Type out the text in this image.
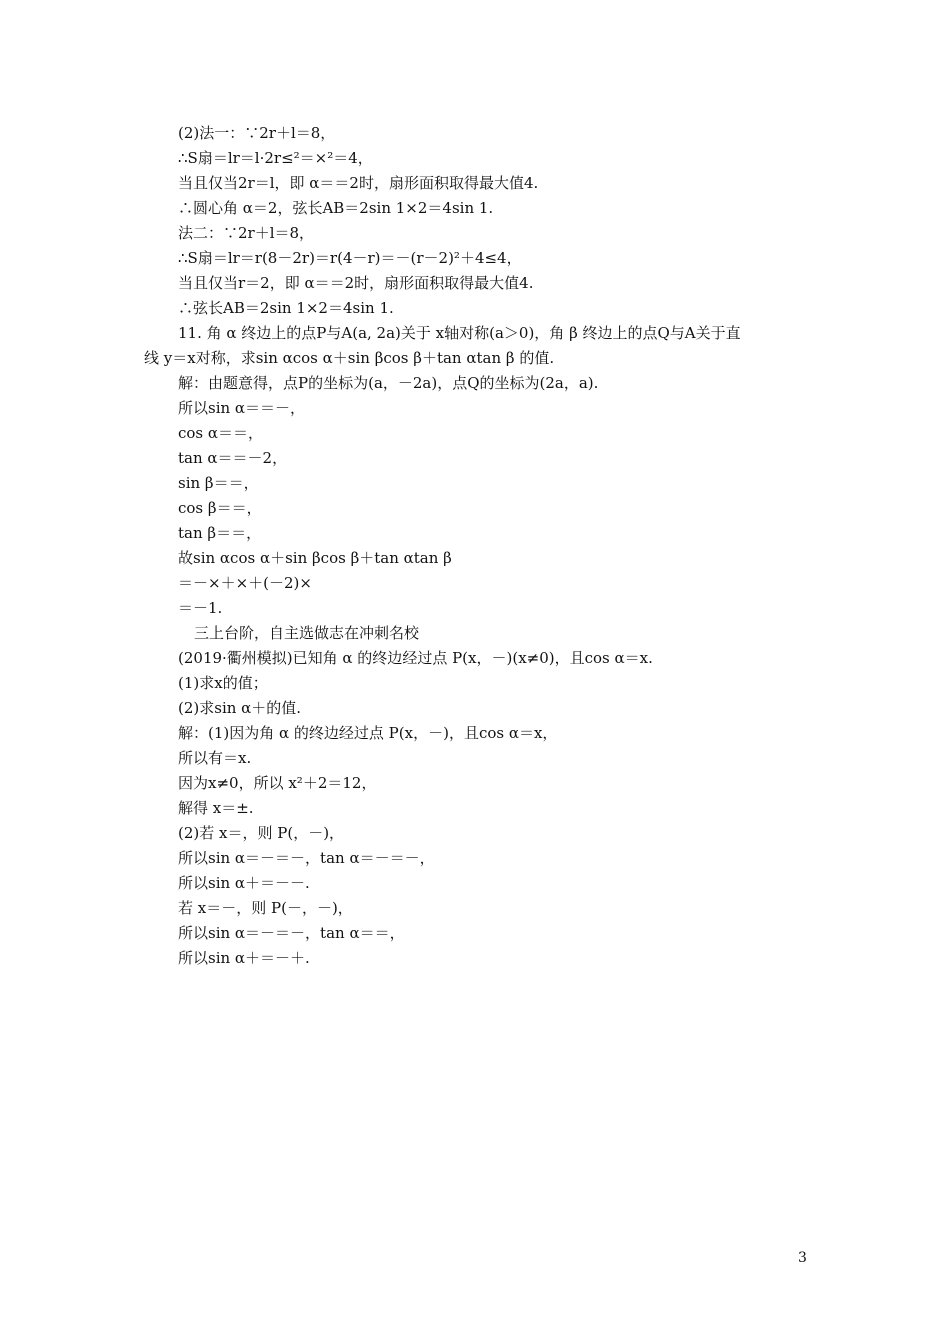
(2)法一：∵2r＋l＝8，
∴S扇＝lr＝l·2r≤²＝×²＝4，
当且仅当2r＝l，即 α＝＝2时，扇形面积取得最大值4.
∴圆心角 α＝2，弦长AB＝2sin 1×2＝4sin 1.
法二：∵2r＋l＝8，
∴S扇＝lr＝r(8－2r)＝r(4－r)＝－(r－2)²＋4≤4，
当且仅当r＝2，即 α＝＝2时，扇形面积取得最大值4.
∴弦长AB＝2sin 1×2＝4sin 1.
11. 角 α 终边上的点P与A(a, 2a)关于 x轴对称(a＞0)，角 β 终边上的点Q与A关于直
线 y＝x对称，求sin αcos α＋sin βcos β＋tan αtan β 的值.
解：由题意得，点P的坐标为(a，－2a)，点Q的坐标为(2a，a).
所以sin α＝＝－，
cos α＝＝，
tan α＝＝－2，
sin β＝＝，
cos β＝＝，
tan β＝＝，
故sin αcos α＋sin βcos β＋tan αtan β
＝－×＋×＋(－2)×
＝－1.
三上台阶，自主选做志在冲刺名校
(2019·衢州模拟)已知角 α 的终边经过点 P(x，－)(x≠0)，且cos α＝x.
(1)求x的值；
(2)求sin α＋的值.
解：(1)因为角 α 的终边经过点 P(x，－)，且cos α＝x，
所以有＝x.
因为x≠0，所以 x²＋2＝12，
解得 x＝±.
(2)若 x＝，则 P(，－)，
所以sin α＝－＝－，tan α＝－＝－，
所以sin α＋＝－－.
若 x＝－，则 P(－，－)，
所以sin α＝－＝－，tan α＝＝，
所以sin α＋＝－＋.
3
